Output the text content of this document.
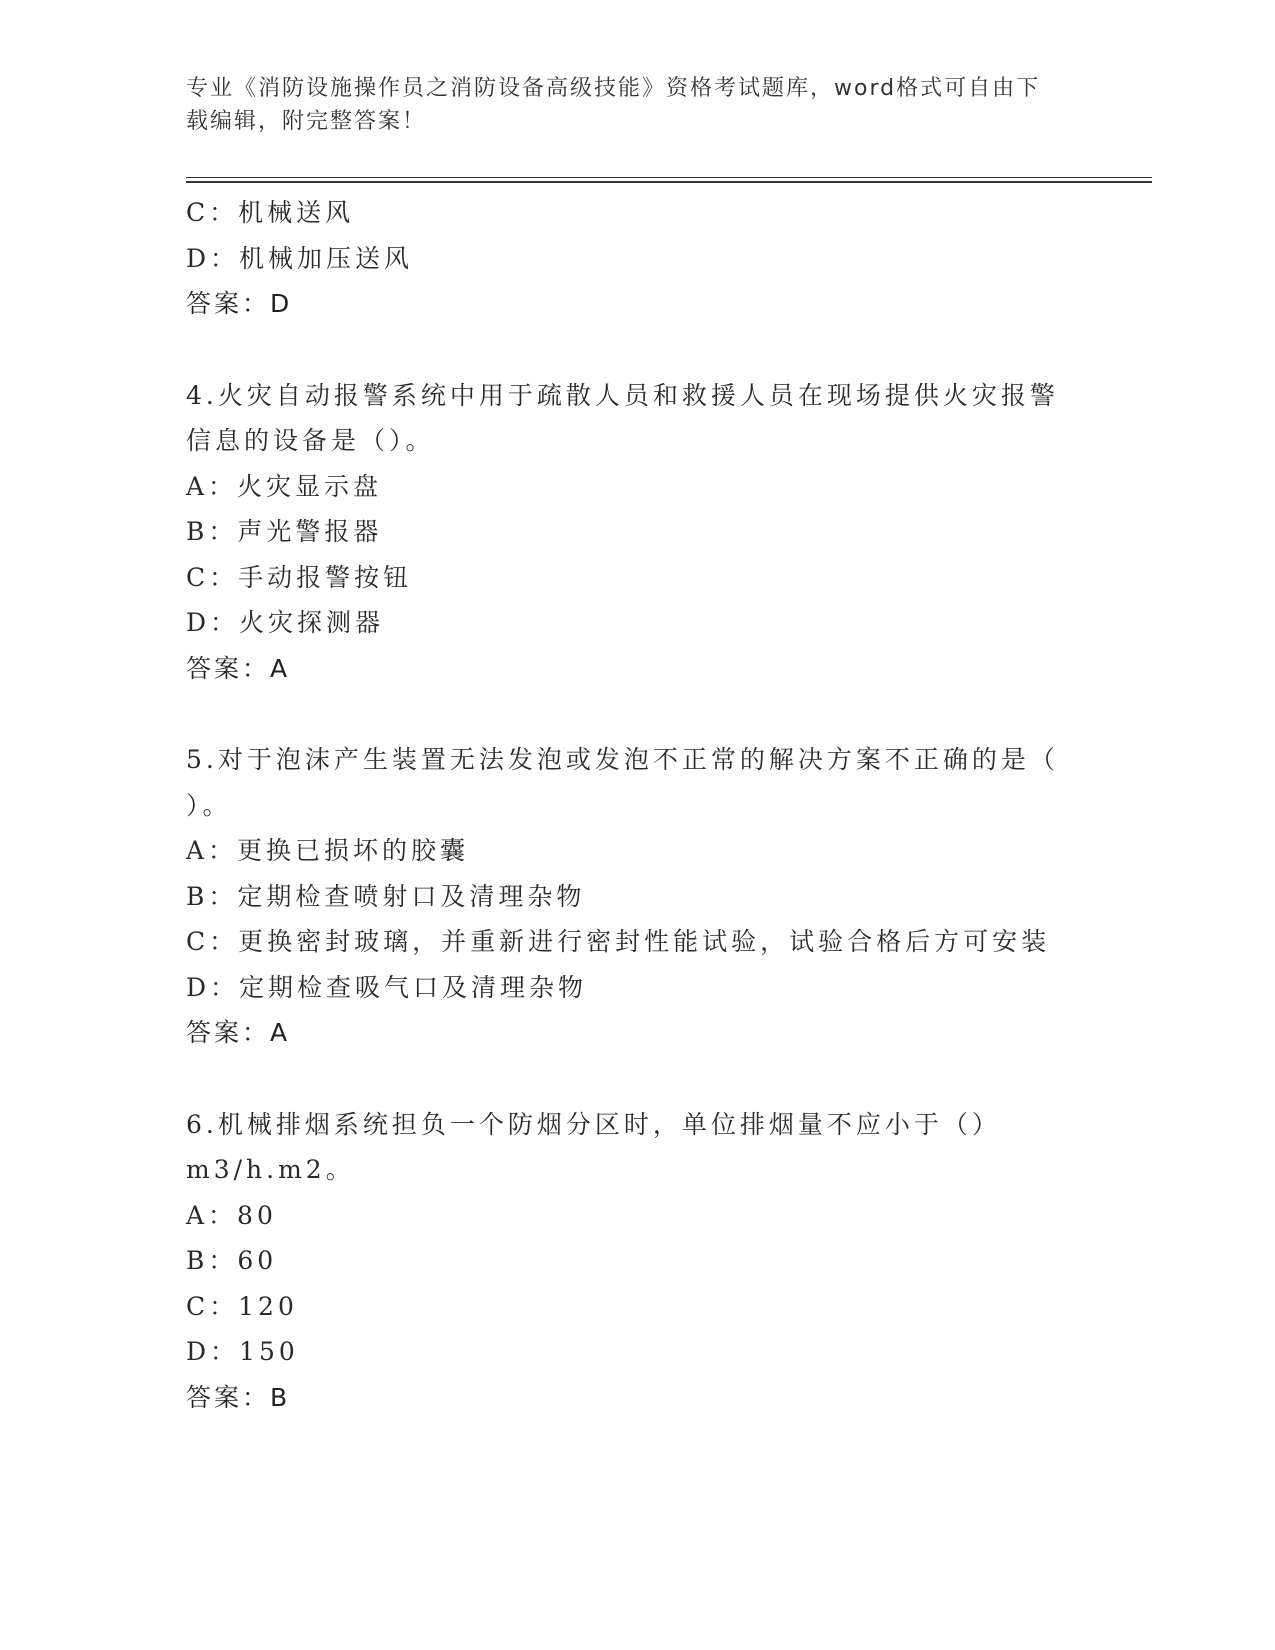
专业《消防设施操作员之消防设备高级技能》资格考试题库，word格式可自由下
载编辑，附完整答案！
C：机械送风
D：机械加压送风
答案：D
4.火灾自动报警系统中用于疏散人员和救援人员在现场提供火灾报警
信息的设备是（）。
A：火灾显示盘
B：声光警报器
C：手动报警按钮
D：火灾探测器
答案：A
5.对于泡沫产生装置无法发泡或发泡不正常的解决方案不正确的是（
）。
A：更换已损坏的胶囊
B：定期检查喷射口及清理杂物
C：更换密封玻璃，并重新进行密封性能试验，试验合格后方可安装
D：定期检查吸气口及清理杂物
答案：A
6.机械排烟系统担负一个防烟分区时，单位排烟量不应小于（）
m3/h.m2。
A：80
B：60
C：120
D：150
答案：B
